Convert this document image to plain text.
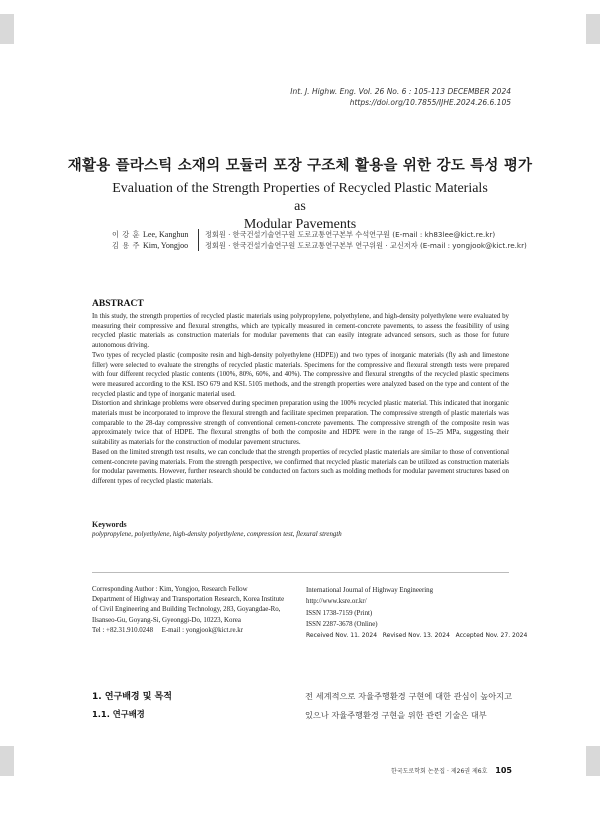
Int. J. Highw. Eng. Vol. 26 No. 6 : 105-113 DECEMBER 2024
https://doi.org/10.7855/IJHE.2024.26.6.105
재활용 플라스틱 소재의 모듈러 포장 구조체 활용을 위한 강도 특성 평가
Evaluation of the Strength Properties of Recycled Plastic Materials as
Modular Pavements
이 강 훈 Lee, Kanghun	정회원 · 한국건설기술연구원 도로교통연구본부 수석연구원 (E-mail : kh83lee@kict.re.kr)
김 용 주 Kim, Yongjoo	정회원 · 한국건설기술연구원 도로교통연구본부 연구위원 · 교신저자 (E-mail : yongjook@kict.re.kr)
ABSTRACT

In this study, the strength properties of recycled plastic materials using polypropylene, polyethylene, and high-density polyethylene were evaluated by measuring their compressive and flexural strengths, which are typically measured in cement-concrete pavements, to assess the feasibility of using recycled plastic materials as construction materials for modular pavements that can easily integrate advanced sensors, such as those for future autonomous driving.

Two types of recycled plastic (composite resin and high-density polyethylene (HDPE)) and two types of inorganic materials (fly ash and limestone filler) were selected to evaluate the strengths of recycled plastic materials. Specimens for the compressive and flexural strength tests were prepared with four different recycled plastic contents (100%, 80%, 60%, and 40%). The compressive and flexural strengths of the recycled plastic specimens were measured according to the KSL ISO 679 and KSL 5105 methods, and the strength properties were analyzed based on the type and content of the recycled plastic and type of inorganic material used.

Distortion and shrinkage problems were observed during specimen preparation using the 100% recycled plastic material. This indicated that inorganic materials must be incorporated to improve the flexural strength and facilitate specimen preparation. The compressive strength of plastic materials was comparable to the 28-day compressive strength of conventional cement-concrete pavements. The compressive strength of the composite resin was approximately twice that of HDPE. The flexural strengths of both the composite and HDPE were in the range of 15–25 MPa, suggesting their suitability as materials for the construction of modular pavement structures.

Based on the limited strength test results, we can conclude that the strength properties of recycled plastic materials are similar to those of conventional cement-concrete paving materials. From the strength perspective, we confirmed that recycled plastic materials can be utilized as construction materials for modular pavements. However, further research should be conducted on factors such as molding methods for modular pavement structures based on different types of recycled plastic materials.

Keywords
polypropylene, polyethylene, high-density polyethylene, compression test, flexural strength
Corresponding Author : Kim, Yongjoo, Research Fellow
Department of Highway and Transportation Research, Korea Institute
of Civil Engineering and Building Technology, 283, Goyangdae-Ro,
Ilsanseo-Gu, Goyang-Si, Gyeonggi-Do, 10223, Korea
Tel : +82.31.910.0248     E-mail : yongjook@kict.re.kr
International Journal of Highway Engineering
http://www.ksre.or.kr/
ISSN 1738-7159 (Print)
ISSN 2287-3678 (Online)
Received Nov. 11. 2024 Revised Nov. 13. 2024 Accepted Nov. 27. 2024
1. 연구배경 및 목적
1.1. 연구배경
전 세계적으로 자율주행환경 구현에 대한 관심이 높아지고 있으나 자율주행환경 구현을 위한 관련 기술은 대부
한국도로학회 논문집 · 제26권 제6호 105
